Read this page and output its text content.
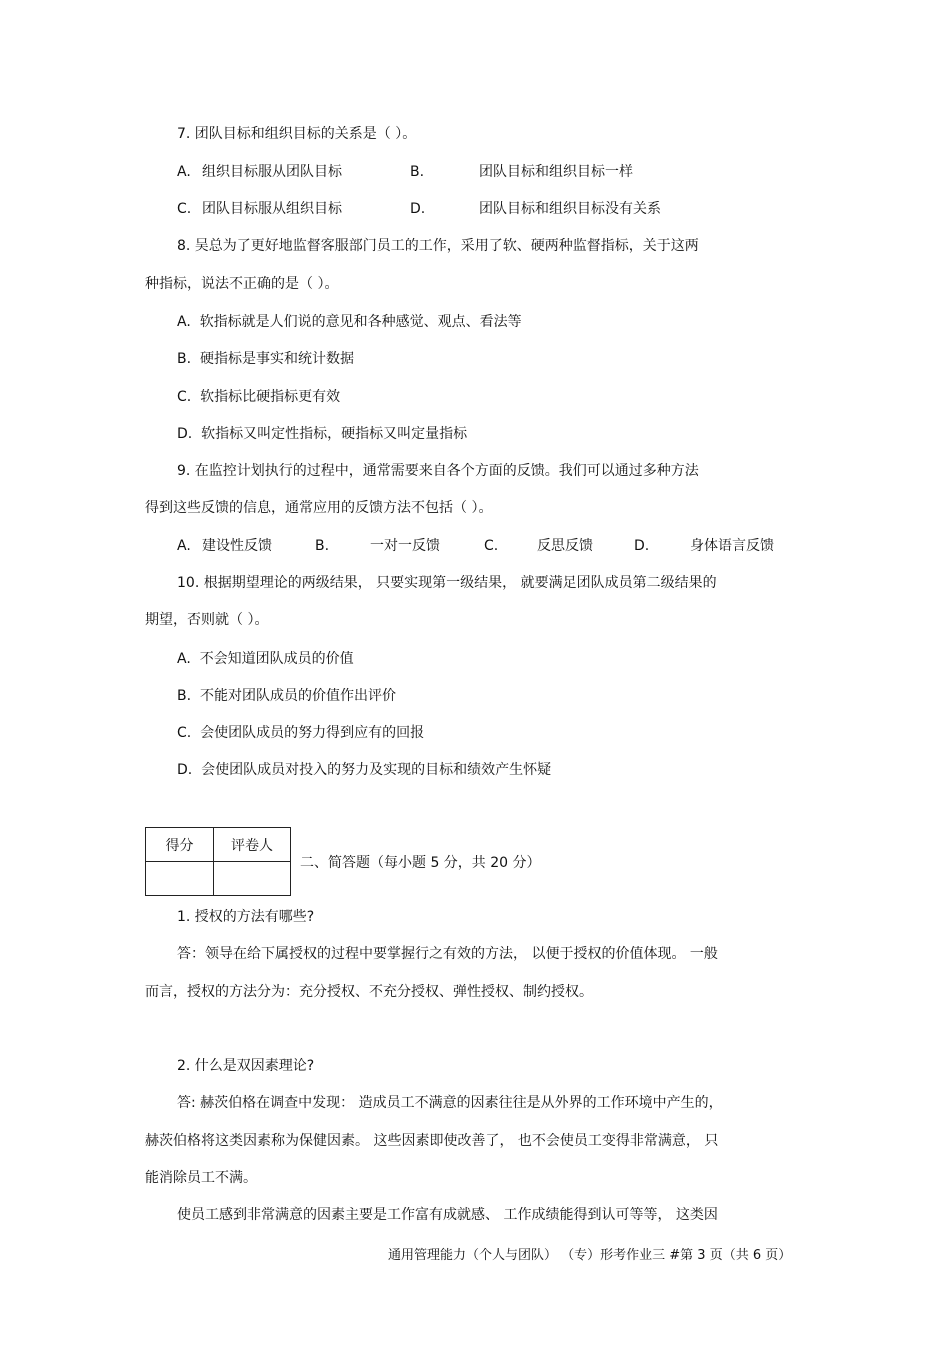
7. 团队目标和组织目标的关系是（ ）。
A. 组织目标服从团队目标	B.	团队目标和组织目标一样
C. 团队目标服从组织目标	D.	团队目标和组织目标没有关系
8. 吴总为了更好地监督客服部门员工的工作，采用了软、硬两种监督指标，关于这两
种指标，说法不正确的是（ ）。
A. 软指标就是人们说的意见和各种感觉、观点、看法等
B. 硬指标是事实和统计数据
C. 软指标比硬指标更有效
D. 软指标又叫定性指标，硬指标又叫定量指标
9. 在监控计划执行的过程中，通常需要来自各个方面的反馈。我们可以通过多种方法
得到这些反馈的信息，通常应用的反馈方法不包括（ ）。
A. 建设性反馈	B.	一对一反馈	C.	反思反馈	D.	身体语言反馈
10. 根据期望理论的两级结果， 只要实现第一级结果， 就要满足团队成员第二级结果的
期望，否则就（ ）。
A. 不会知道团队成员的价值
B. 不能对团队成员的价值作出评价
C. 会使团队成员的努力得到应有的回报
D. 会使团队成员对投入的努力及实现的目标和绩效产生怀疑
得分	评卷人

二、简答题（每小题 5 分，共 20 分）
1. 授权的方法有哪些?
答：领导在给下属授权的过程中要掌握行之有效的方法， 以便于授权的价值体现。 一般
而言，授权的方法分为：充分授权、不充分授权、弹性授权、制约授权。
2. 什么是双因素理论?
答: 赫茨伯格在调查中发现： 造成员工不满意的因素往往是从外界的工作环境中产生的，
赫茨伯格将这类因素称为保健因素。 这些因素即使改善了， 也不会使员工变得非常满意， 只
能消除员工不满。
使员工感到非常满意的因素主要是工作富有成就感、 工作成绩能得到认可等等， 这类因
通用管理能力（个人与团队） （专）形考作业三 #第 3 页（共 6 页）
